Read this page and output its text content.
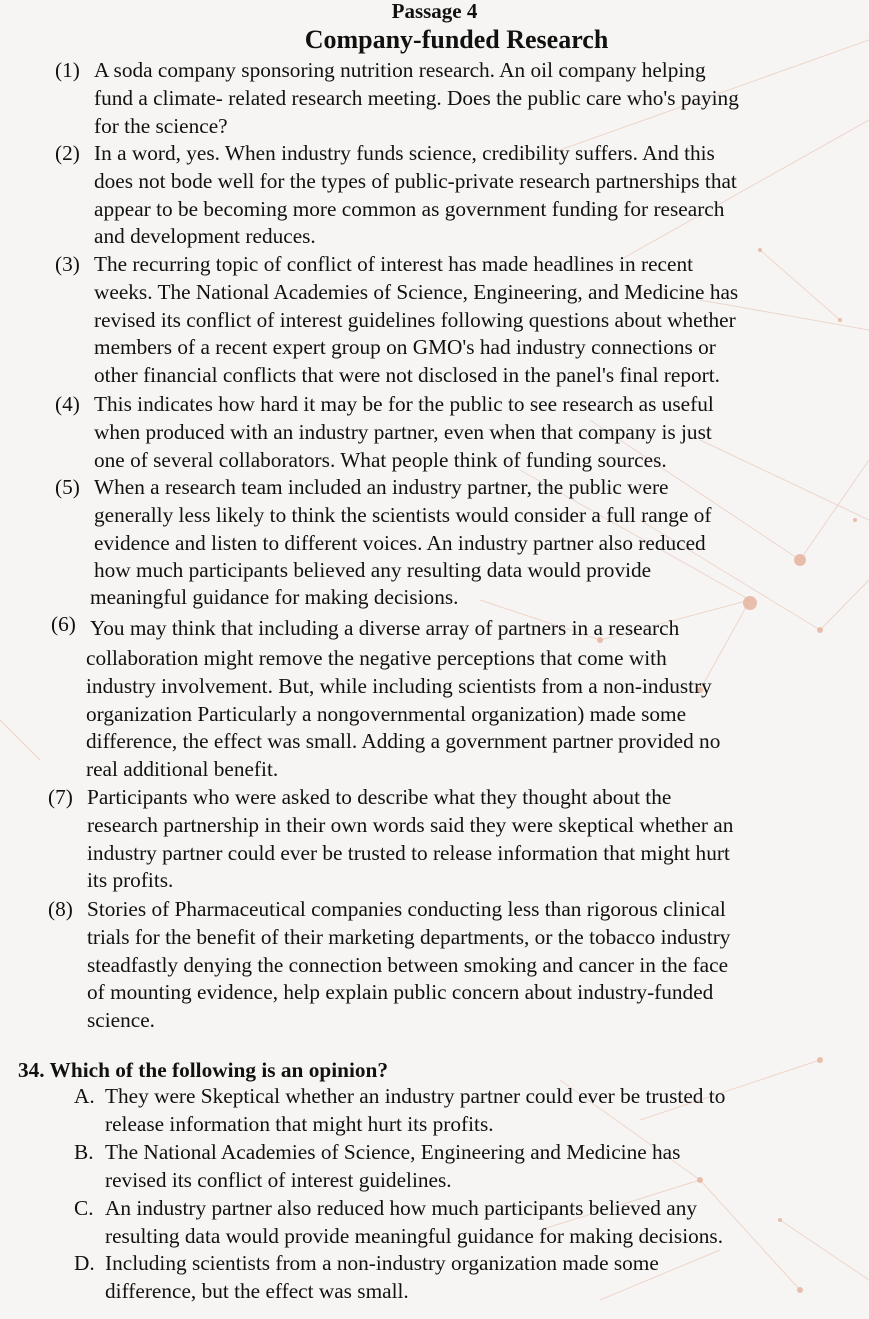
Passage 4
Company-funded Research
(1) A soda company sponsoring nutrition research. An oil company helping
fund a climate- related research meeting. Does the public care who's paying
for the science?
(2) In a word, yes. When industry funds science, credibility suffers. And this
does not bode well for the types of public-private research partnerships that
appear to be becoming more common as government funding for research
and development reduces.
(3) The recurring topic of conflict of interest has made headlines in recent
weeks. The National Academies of Science, Engineering, and Medicine has
revised its conflict of interest guidelines following questions about whether
members of a recent expert group on GMO's had industry connections or
other financial conflicts that were not disclosed in the panel's final report.
(4) This indicates how hard it may be for the public to see research as useful
when produced with an industry partner, even when that company is just
one of several collaborators. What people think of funding sources.
(5) When a research team included an industry partner, the public were
generally less likely to think the scientists would consider a full range of
evidence and listen to different voices. An industry partner also reduced
how much participants believed any resulting data would provide
meaningful guidance for making decisions.
(6) You may think that including a diverse array of partners in a research
collaboration might remove the negative perceptions that come with
industry involvement. But, while including scientists from a non-industry
organization Particularly a nongovernmental organization) made some
difference, the effect was small. Adding a government partner provided no
real additional benefit.
(7) Participants who were asked to describe what they thought about the
research partnership in their own words said they were skeptical whether an
industry partner could ever be trusted to release information that might hurt
its profits.
(8) Stories of Pharmaceutical companies conducting less than rigorous clinical
trials for the benefit of their marketing departments, or the tobacco industry
steadfastly denying the connection between smoking and cancer in the face
of mounting evidence, help explain public concern about industry-funded
science.
34. Which of the following is an opinion?
A. They were Skeptical whether an industry partner could ever be trusted to
release information that might hurt its profits.
B. The National Academies of Science, Engineering and Medicine has
revised its conflict of interest guidelines.
C. An industry partner also reduced how much participants believed any
resulting data would provide meaningful guidance for making decisions.
D. Including scientists from a non-industry organization made some
difference, but the effect was small.
